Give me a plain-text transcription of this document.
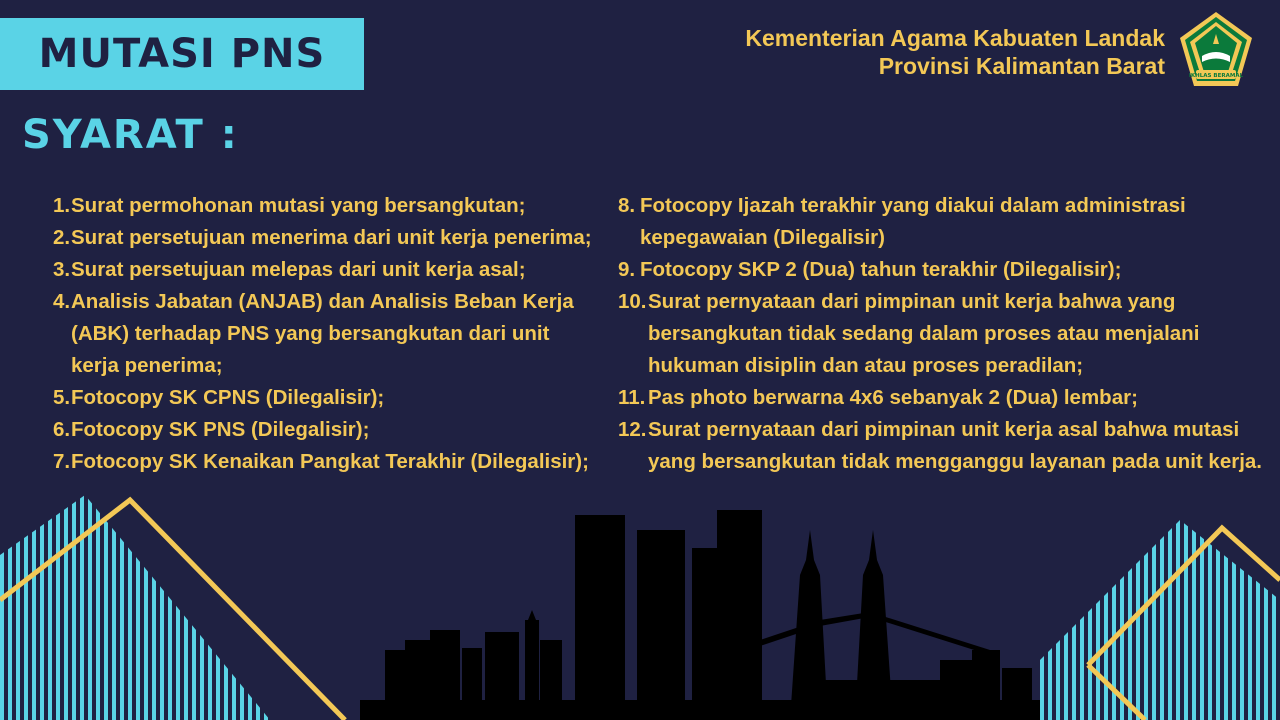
MUTASI PNS	Kementerian Agama Kabuaten Landak
Provinsi Kalimantan Barat	IKHLAS BERAMAL
SYARAT :
1. Surat permohonan mutasi yang bersangkutan;
2. Surat persetujuan menerima dari unit kerja penerima;
3. Surat persetujuan melepas dari unit kerja asal;
4. Analisis Jabatan (ANJAB) dan Analisis Beban Kerja (ABK) terhadap PNS yang bersangkutan dari unit kerja penerima;
5. Fotocopy SK CPNS (Dilegalisir);
6. Fotocopy SK PNS (Dilegalisir);
7. Fotocopy SK Kenaikan Pangkat Terakhir (Dilegalisir);
8. Fotocopy Ijazah terakhir yang diakui dalam administrasi kepegawaian (Dilegalisir)
9. Fotocopy SKP 2 (Dua) tahun terakhir (Dilegalisir);
10. Surat pernyataan dari pimpinan unit kerja bahwa yang bersangkutan tidak sedang dalam proses atau menjalani hukuman disiplin dan atau proses peradilan;
11. Pas photo berwarna 4x6 sebanyak 2 (Dua) lembar;
12. Surat pernyataan dari pimpinan unit kerja asal bahwa mutasi yang bersangkutan tidak mengganggu layanan pada unit kerja.
